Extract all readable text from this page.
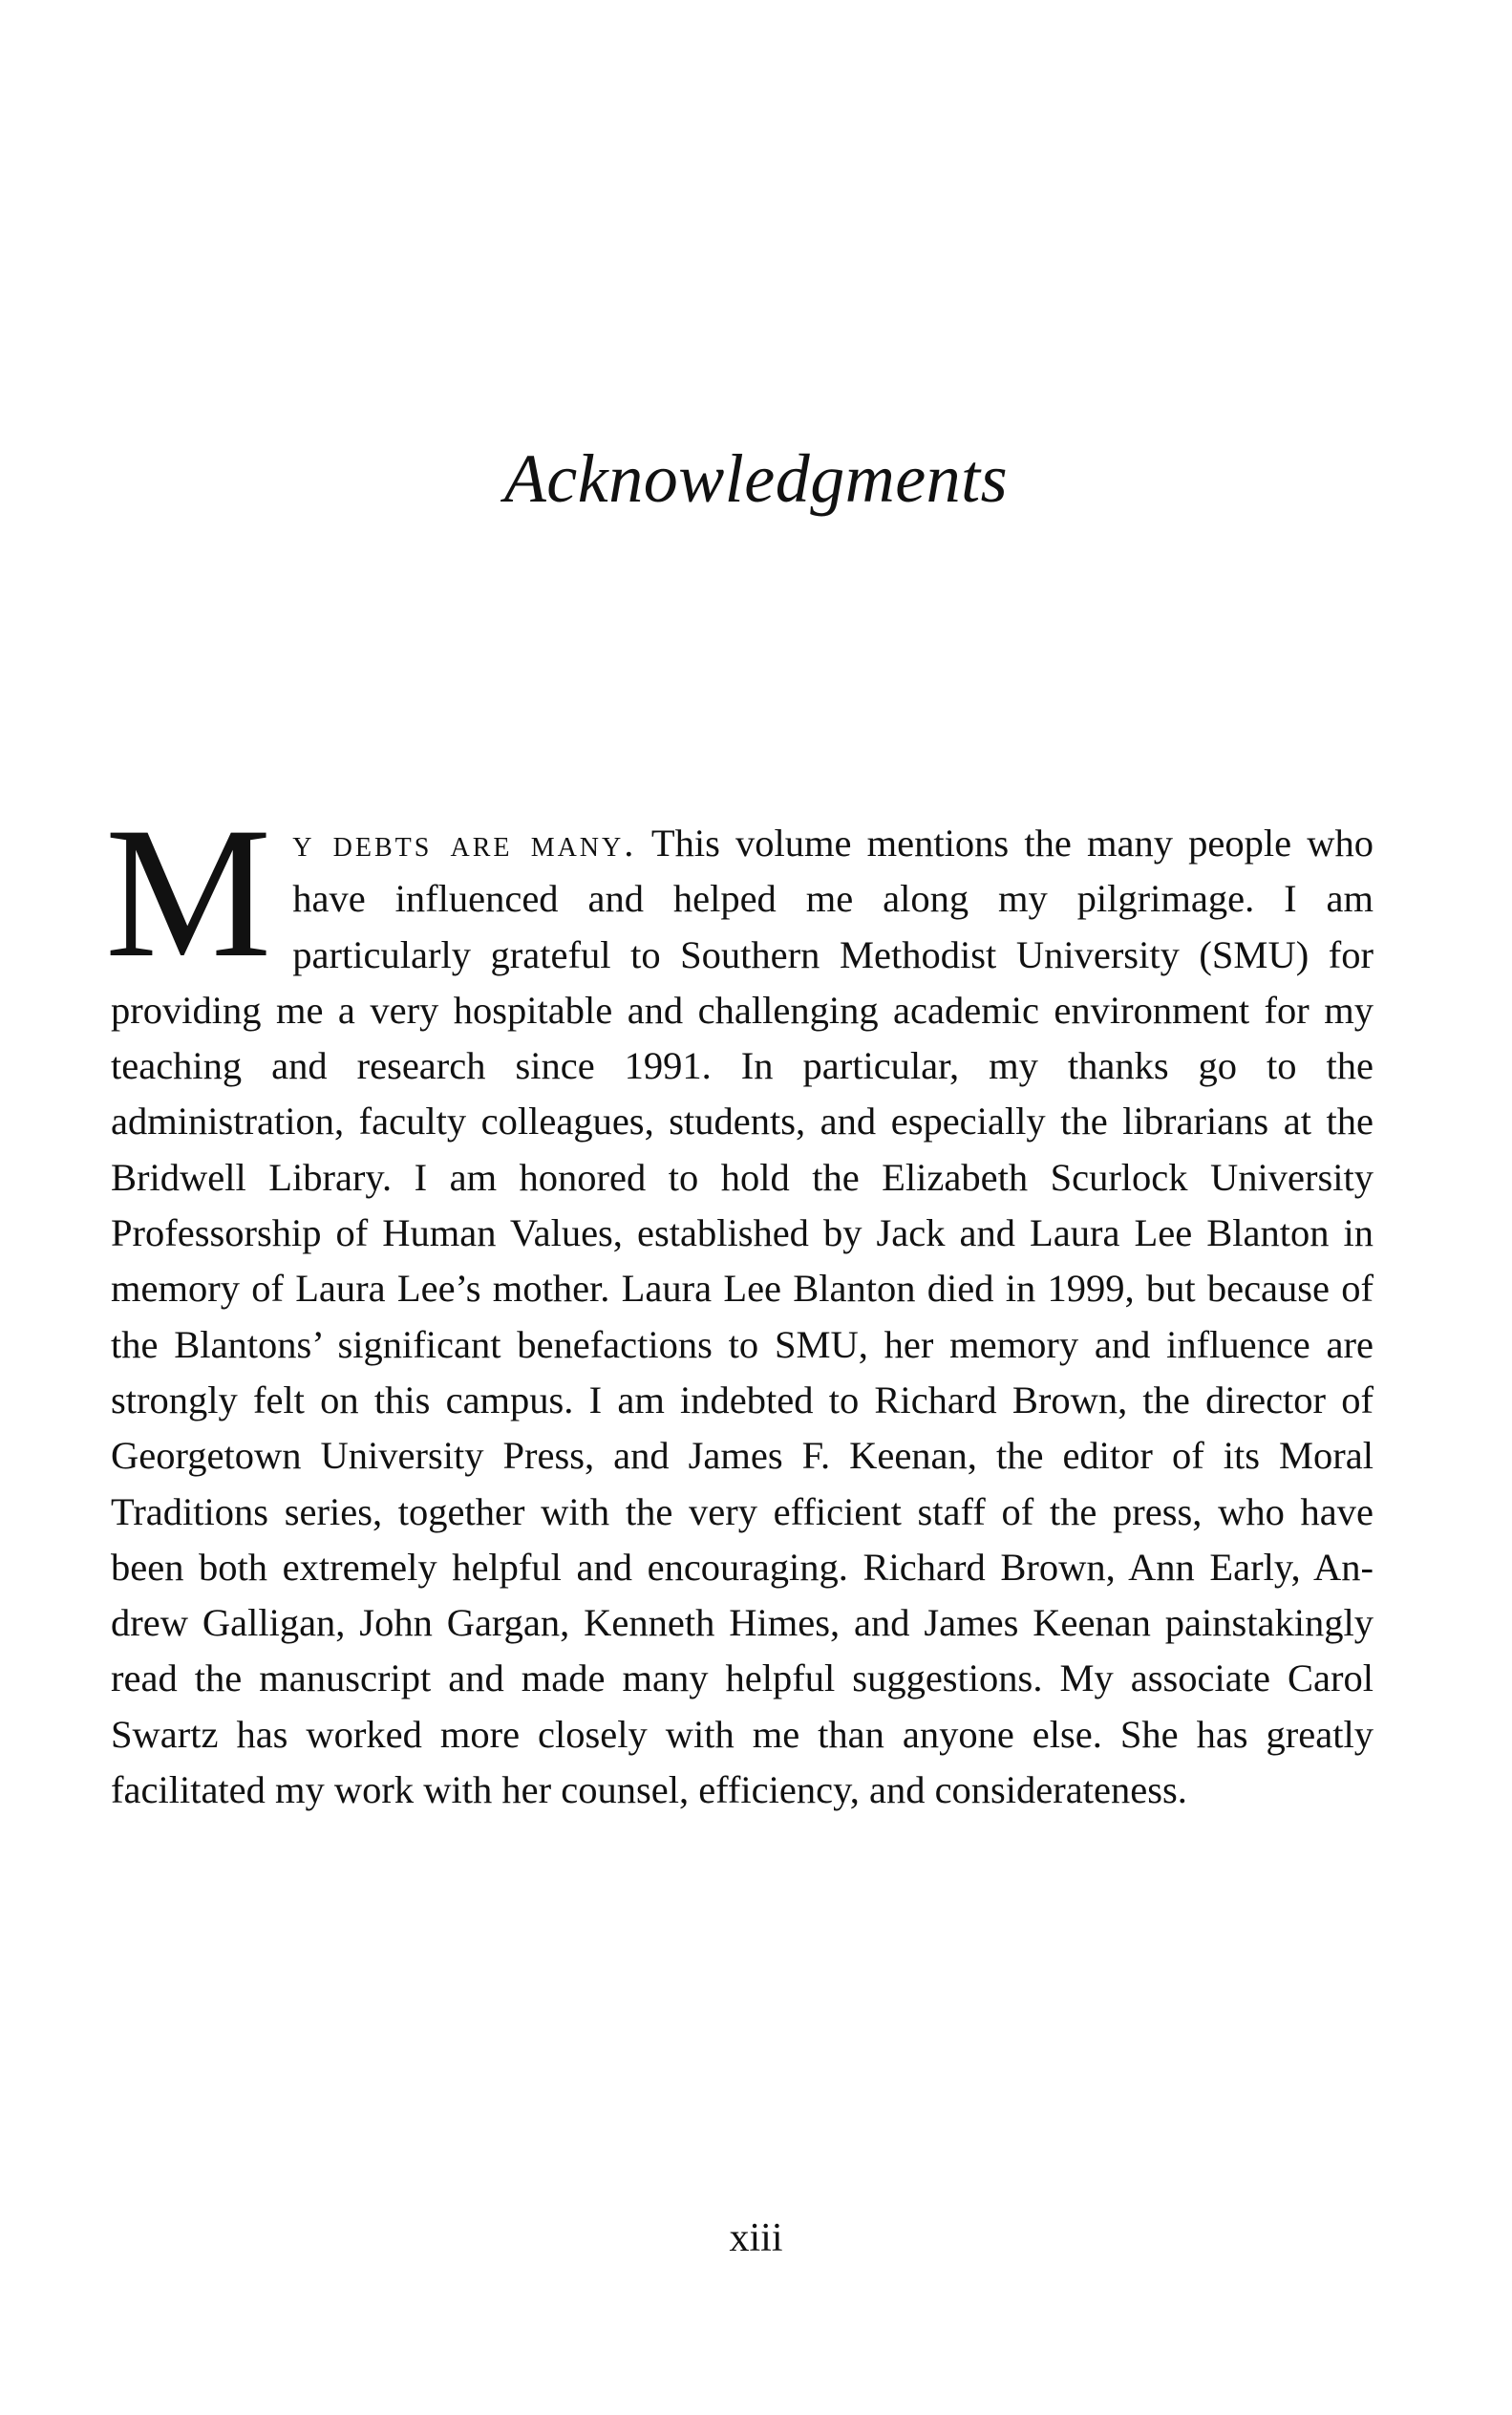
Acknowledgments
My debts are many. This volume mentions the many people who have influenced and helped me along my pilgrimage. I am particularly grateful to Southern Methodist University (SMU) for providing me a very hospitable and challenging academic environment for my teaching and research since 1991. In particular, my thanks go to the administration, faculty colleagues, students, and especially the librarians at the Bridwell Library. I am honored to hold the Elizabeth Scurlock University Professorship of Human Values, established by Jack and Laura Lee Blanton in memory of Laura Lee’s mother. Laura Lee Blanton died in 1999, but because of the Blantons’ significant benefactions to SMU, her memory and influence are strongly felt on this campus. I am indebted to Richard Brown, the director of Georgetown University Press, and James F. Keenan, the editor of its Moral Traditions series, together with the very efficient staff of the press, who have been both extremely helpful and encouraging. Richard Brown, Ann Early, Andrew Galligan, John Gargan, Kenneth Himes, and James Keenan painstakingly read the manuscript and made many helpful suggestions. My associate Carol Swartz has worked more closely with me than anyone else. She has greatly facilitated my work with her counsel, efficiency, and considerateness.
xiii
